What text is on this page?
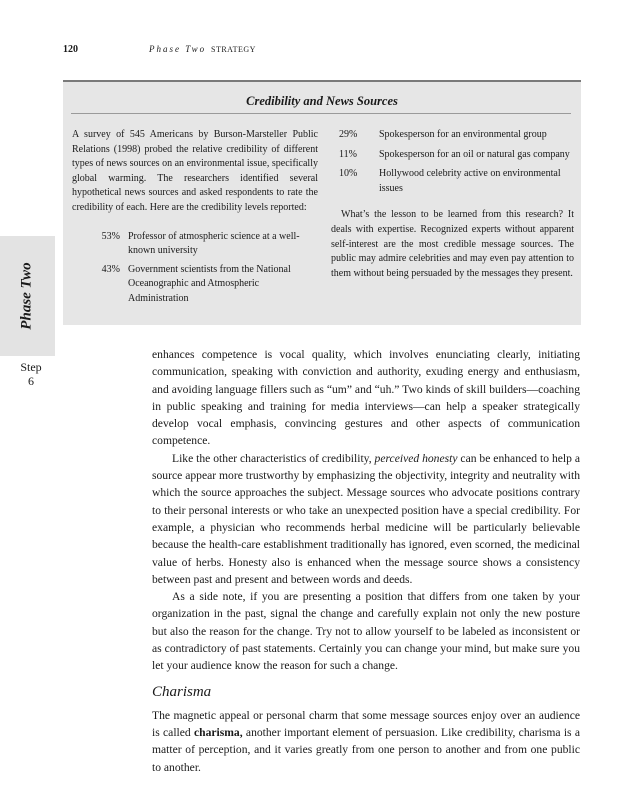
120	Phase Two STRATEGY
Credibility and News Sources
A survey of 545 Americans by Burson-Marsteller Public Relations (1998) probed the relative credibility of different types of news sources on an environmental issue, specifically global warming. The researchers identified several hypothetical news sources and asked respondents to rate the credibility of each. Here are the credibility levels reported:
53% Professor of atmospheric science at a well-known university
43% Government scientists from the National Oceanographic and Atmospheric Administration
29%	Spokesperson for an environmental group
11%	Spokesperson for an oil or natural gas company
10%	Hollywood celebrity active on environmental issues
What’s the lesson to be learned from this research? It deals with expertise. Recognized experts without apparent self-interest are the most credible message sources. The public may admire celebrities and may even pay attention to them without being persuaded by the messages they present.
Phase Two
Step
6

enhances competence is vocal quality, which involves enunciating clearly, initiating communication, speaking with conviction and authority, exuding energy and enthusiasm, and avoiding language fillers such as “um” and “uh.” Two kinds of skill builders—coaching in public speaking and training for media interviews—can help a speaker strategically develop vocal emphasis, convincing gestures and other aspects of communication competence.

Like the other characteristics of credibility, perceived honesty can be enhanced to help a source appear more trustworthy by emphasizing the objectivity, integrity and neutrality with which the source approaches the subject. Message sources who advocate positions contrary to their personal interests or who take an unexpected position have a special credibility. For example, a physician who recommends herbal medicine will be particularly believable because the health-care establishment traditionally has ignored, even scorned, the medicinal value of herbs. Honesty also is enhanced when the message source shows a consistency between past and present and between words and deeds.

As a side note, if you are presenting a position that differs from one taken by your organization in the past, signal the change and carefully explain not only the new posture but also the reason for the change. Try not to allow yourself to be labeled as inconsistent or as contradictory of past statements. Certainly you can change your mind, but make sure you let your audience know the reason for such a change.

Charisma

The magnetic appeal or personal charm that some message sources enjoy over an audience is called charisma, another important element of persuasion. Like credibility, charisma is a matter of perception, and it varies greatly from one person to another and from one public to another.
